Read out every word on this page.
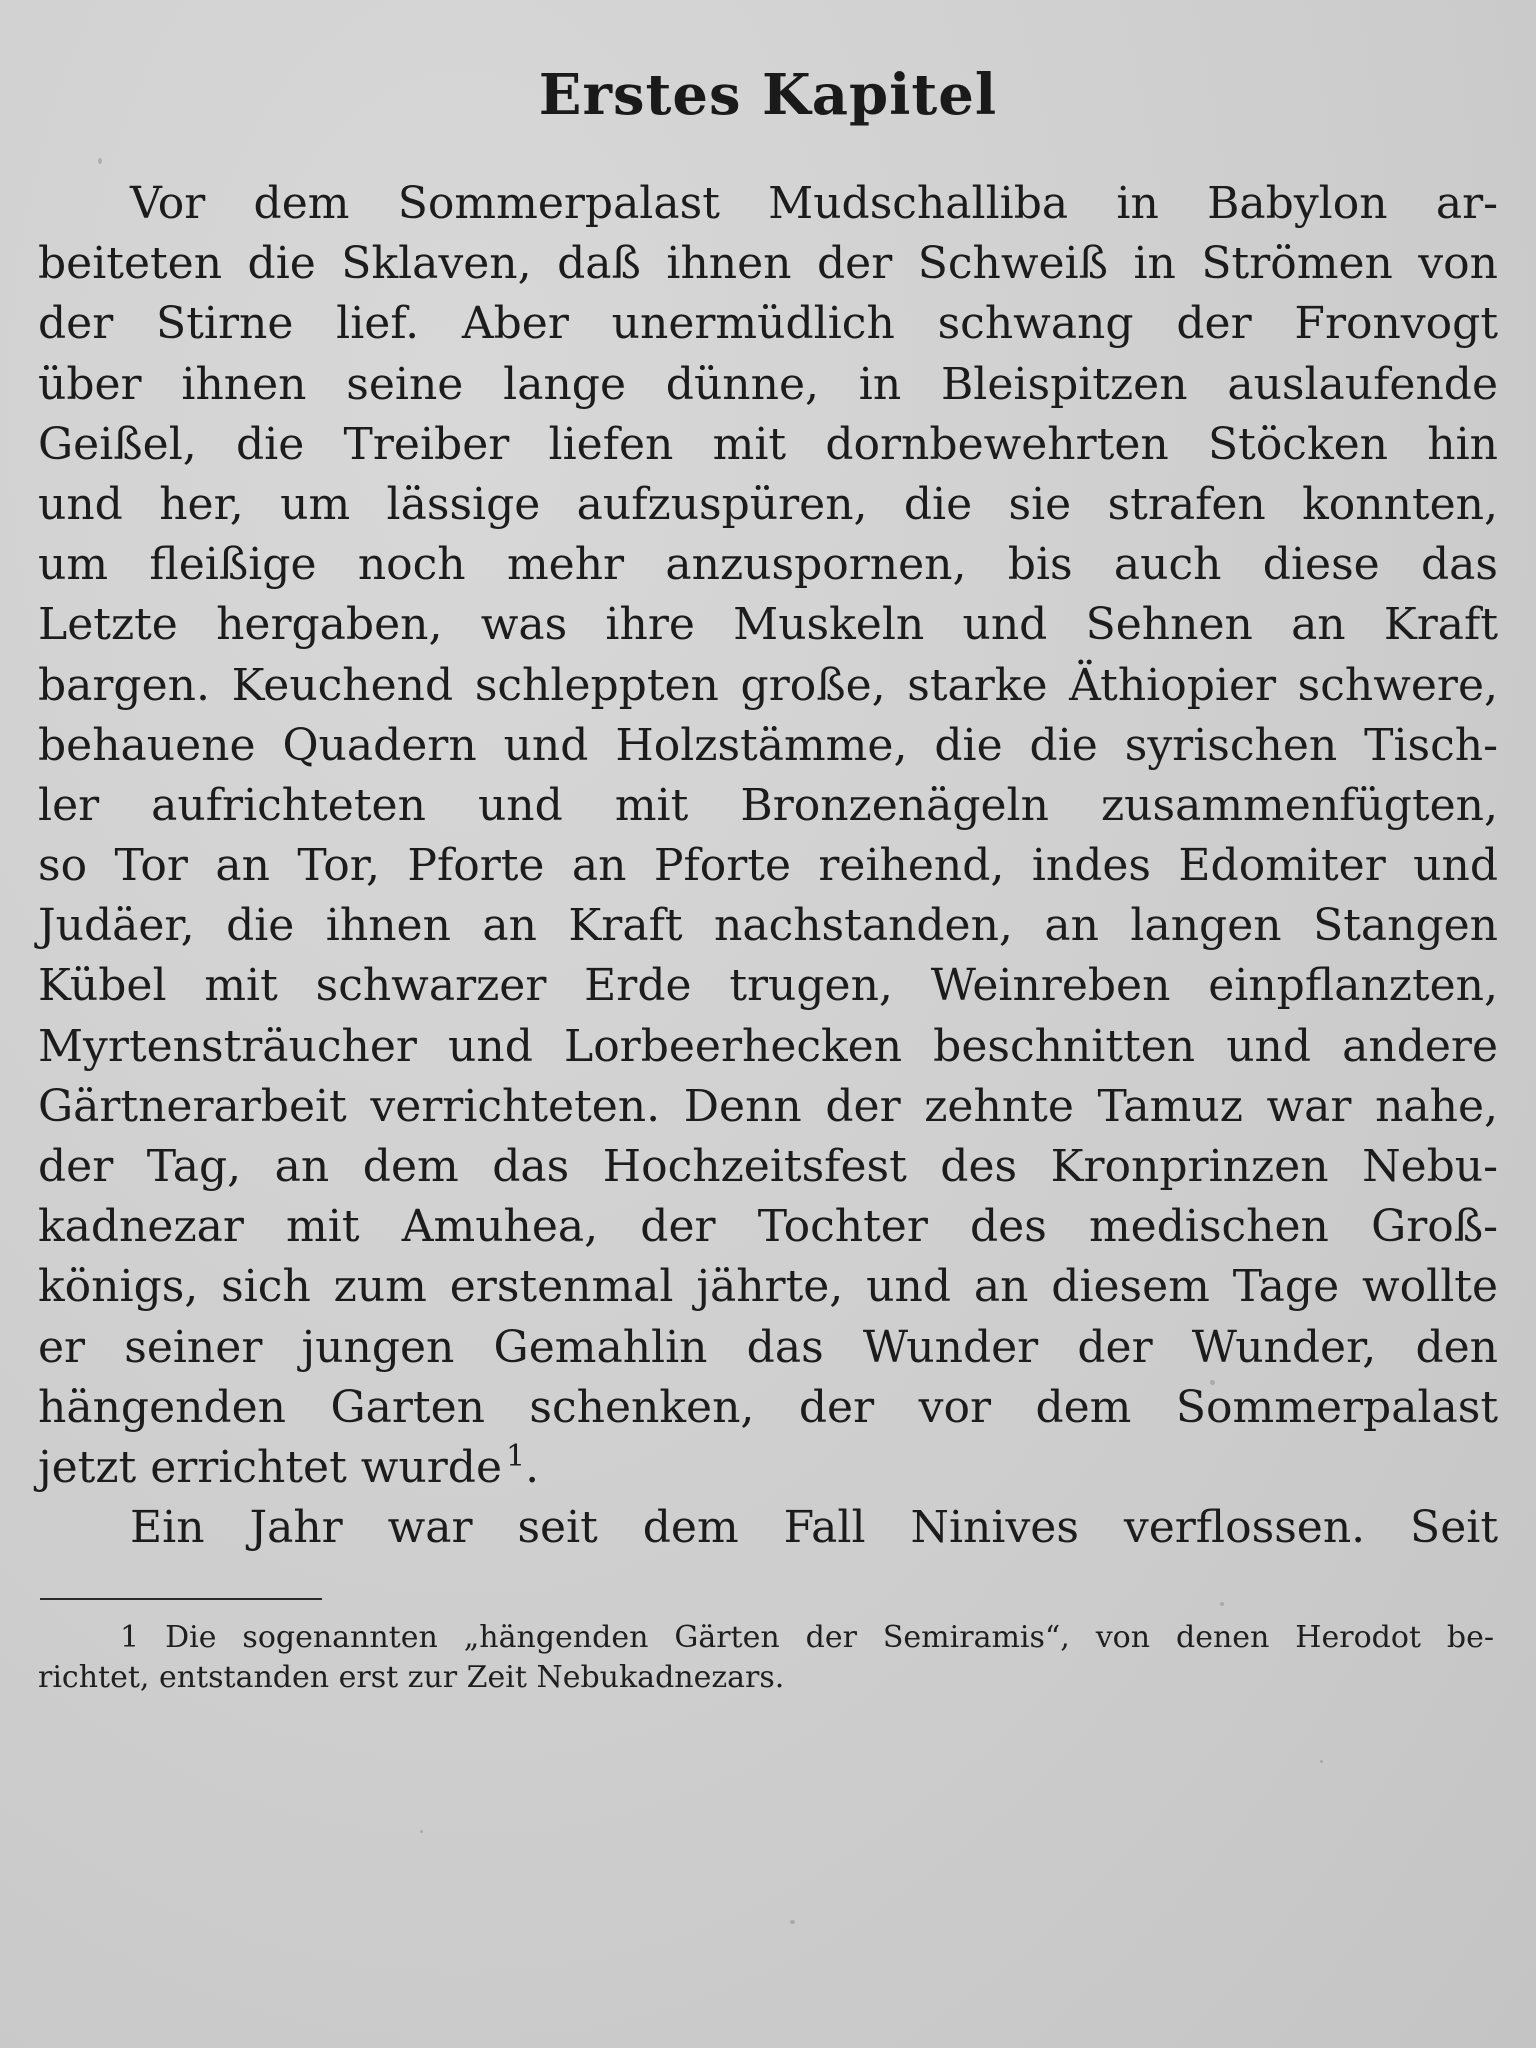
Erstes Kapitel
Vor dem Sommerpalast Mudschalliba in Babylon ar-
beiteten die Sklaven, daß ihnen der Schweiß in Strömen von
der Stirne lief. Aber unermüdlich schwang der Fronvogt
über ihnen seine lange dünne, in Bleispitzen auslaufende
Geißel, die Treiber liefen mit dornbewehrten Stöcken hin
und her, um lässige aufzuspüren, die sie strafen konnten,
um fleißige noch mehr anzuspornen, bis auch diese das
Letzte hergaben, was ihre Muskeln und Sehnen an Kraft
bargen. Keuchend schleppten große, starke Äthiopier schwere,
behauene Quadern und Holzstämme, die die syrischen Tisch-
ler aufrichteten und mit Bronzenägeln zusammenfügten,
so Tor an Tor, Pforte an Pforte reihend, indes Edomiter und
Judäer, die ihnen an Kraft nachstanden, an langen Stangen
Kübel mit schwarzer Erde trugen, Weinreben einpflanzten,
Myrtensträucher und Lorbeerhecken beschnitten und andere
Gärtnerarbeit verrichteten. Denn der zehnte Tamuz war nahe,
der Tag, an dem das Hochzeitsfest des Kronprinzen Nebu-
kadnezar mit Amuhea, der Tochter des medischen Groß-
königs, sich zum erstenmal jährte, und an diesem Tage wollte
er seiner jungen Gemahlin das Wunder der Wunder, den
hängenden Garten schenken, der vor dem Sommerpalast
jetzt errichtet wurde $^1$.
Ein Jahr war seit dem Fall Ninives verflossen. Seit
1 Die sogenannten „hängenden Gärten der Semiramis“, von denen Herodot be-
richtet, entstanden erst zur Zeit Nebukadnezars.
